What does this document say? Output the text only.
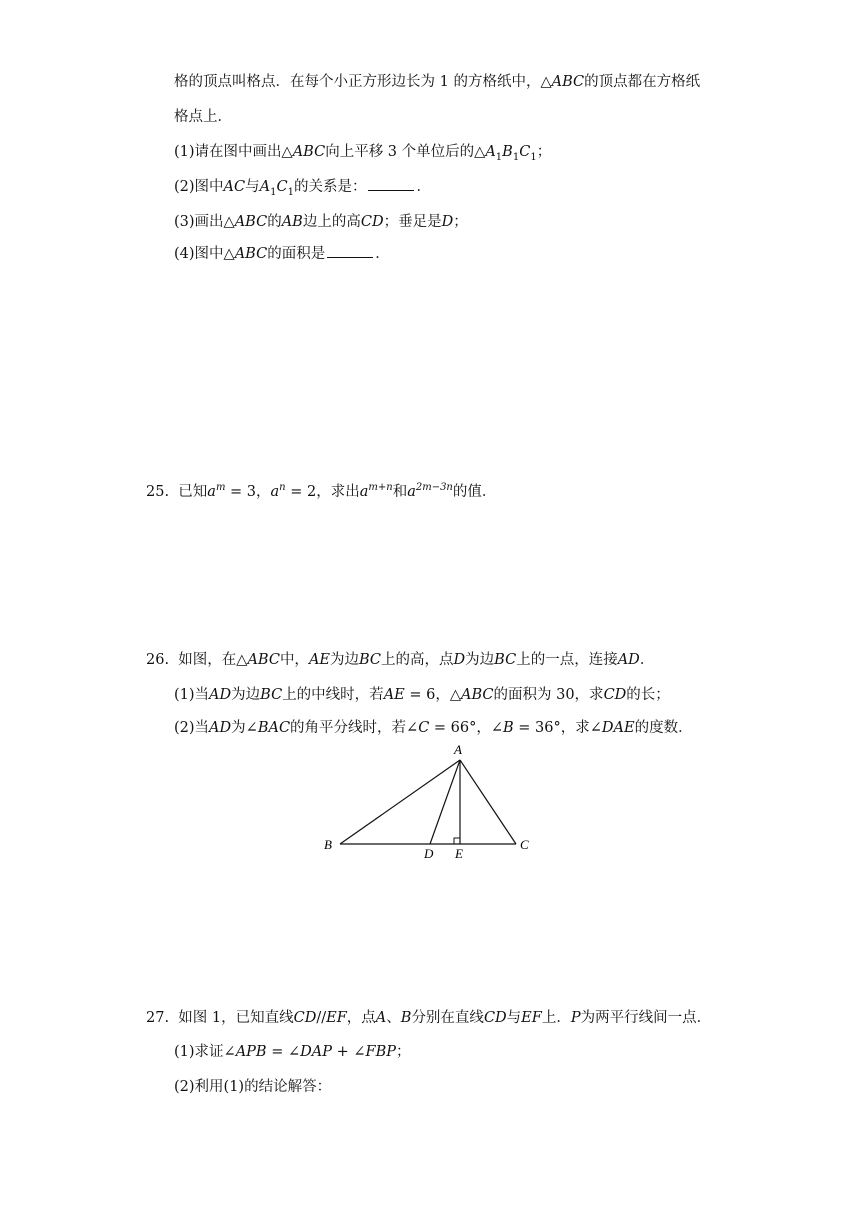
格的顶点叫格点．在每个小正方形边长为 1 的方格纸中，△ABC的顶点都在方格纸
格点上．
(1)请在图中画出△ABC向上平移 3 个单位后的$\triangle A_1B_1C_1$；
(2)图中AC与$A_1C_1$的关系是：	．
(3)画出△ABC的AB边上的高CD；垂足是D；
(4)图中△ABC的面积是	．
25. 已知$a^m = 3$，$a^n = 2$，求出$a^{m+n}$和$a^{2m-3n}$的值．
26. 如图，在△ABC中，AE为边BC上的高，点D为边BC上的一点，连接AD．
(1)当AD为边BC上的中线时，若AE = 6，△ABC的面积为 30，求CD的长；
(2)当AD为∠BAC的角平分线时，若∠C = 66°，∠B = 36°，求∠DAE的度数．
A
B	C
D E
27. 如图 1，已知直线CD//EF，点A、B分别在直线CD与EF上．P为两平行线间一点．
(1)求证∠APB = ∠DAP + ∠FBP；
(2)利用(1)的结论解答：
